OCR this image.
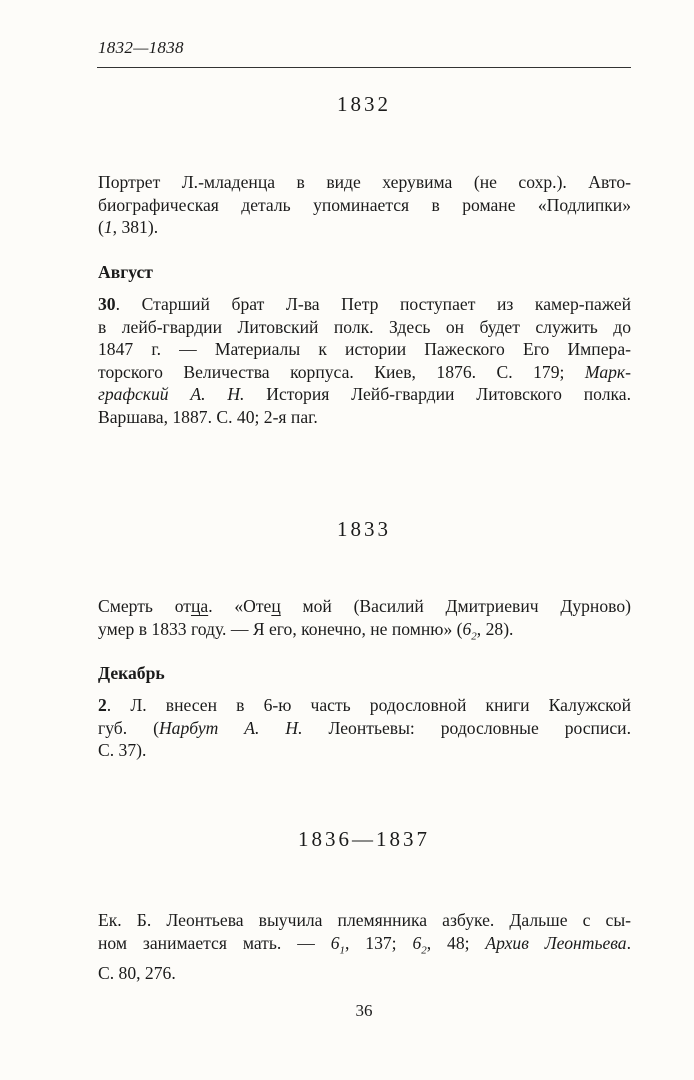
1832—1838
1832
Портрет Л.-младенца в виде херувима (не сохр.). Авто-
биографическая деталь упоминается в романе «Подлипки»
(1, 381).
Август
30. Старший брат Л-ва Петр поступает из камер-пажей
в лейб-гвардии Литовский полк. Здесь он будет служить до
1847 г. — Материалы к истории Пажеского Его Импера-
торского Величества корпуса. Киев, 1876. С. 179; Марк-
графский А. Н. История Лейб-гвардии Литовского полка.
Варшава, 1887. С. 40; 2-я паг.
1833
Смерть отца. «Отец мой (Василий Дмитриевич Дурново)
умер в 1833 году. — Я его, конечно, не помню» ($6_2$, 28).
Декабрь
2. Л. внесен в 6-ю часть родословной книги Калужской
губ. (Нарбут А. Н. Леонтьевы: родословные росписи.
С. 37).
1836—1837
Ек. Б. Леонтьева выучила племянника азбуке. Дальше с сы-
ном занимается мать. — $6_1$, 137; $6_2$, 48; Архив Леонтьева.
С. 80, 276.
36
